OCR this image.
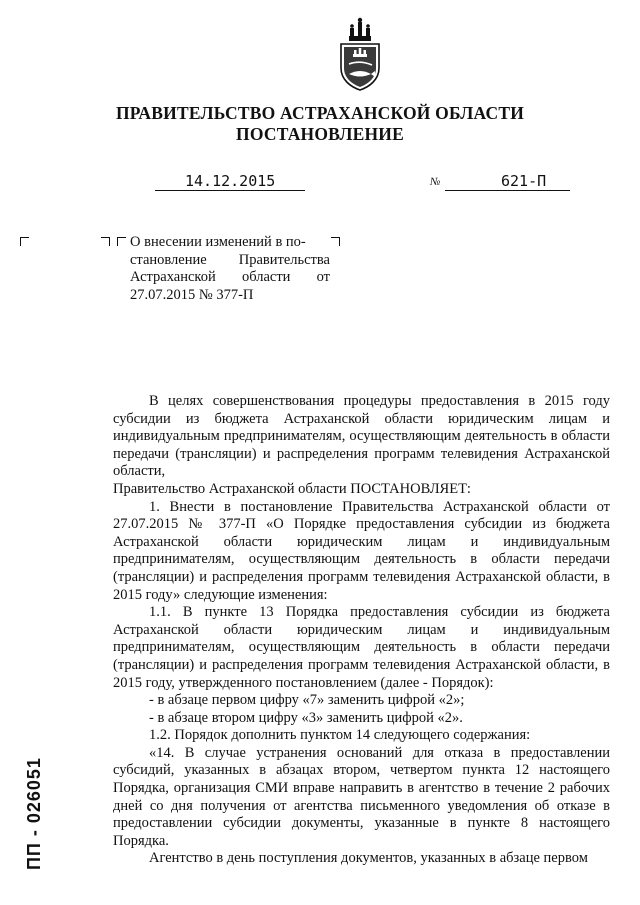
ПРАВИТЕЛЬСТВО АСТРАХАНСКОЙ ОБЛАСТИ
ПОСТАНОВЛЕНИЕ
14.12.2015	№	621-П
О внесении изменений в по-
становление Правительства
Астраханской области от
27.07.2015 № 377-П

В целях совершенствования процедуры предоставления в 2015 году субсидии из бюджета Астраханской области юридическим лицам и индивидуальным предпринимателям, осуществляющим деятельность в области передачи (трансляции) и распределения программ телевидения Астраханской области,

Правительство Астраханской области ПОСТАНОВЛЯЕТ:

1. Внести в постановление Правительства Астраханской области от 27.07.2015 № 377-П «О Порядке предоставления субсидии из бюджета Астраханской области юридическим лицам и индивидуальным предпринимателям, осуществляющим деятельность в области передачи (трансляции) и распределения программ телевидения Астраханской области, в 2015 году» следующие изменения:

1.1. В пункте 13 Порядка предоставления субсидии из бюджета Астраханской области юридическим лицам и индивидуальным предпринимателям, осуществляющим деятельность в области передачи (трансляции) и распределения программ телевидения Астраханской области, в 2015 году, утвержденного постановлением (далее - Порядок):

- в абзаце первом цифру «7» заменить цифрой «2»;

- в абзаце втором цифру «3» заменить цифрой «2».

1.2. Порядок дополнить пунктом 14 следующего содержания:

«14. В случае устранения оснований для отказа в предоставлении субсидий, указанных в абзацах втором, четвертом пункта 12 настоящего Порядка, организация СМИ вправе направить в агентство в течение 2 рабочих дней со дня получения от агентства письменного уведомления об отказе в предоставлении субсидии документы, указанные в пункте 8 настоящего Порядка.

Агентство в день поступления документов, указанных в абзаце первом

ПП - 026051
